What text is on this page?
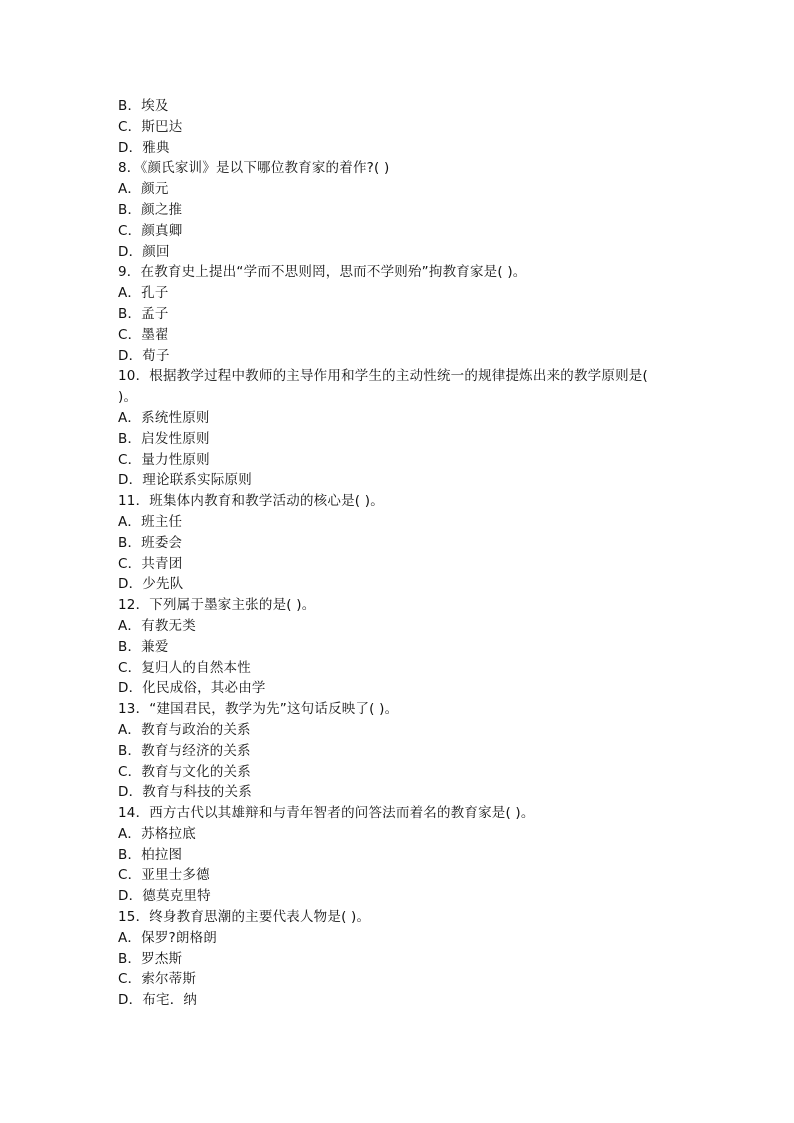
B．埃及
C．斯巴达
D．雅典
8．《颜氏家训》是以下哪位教育家的着作?( )
A．颜元
B．颜之推
C．颜真卿
D．颜回
9．在教育史上提出“学而不思则罔，思而不学则殆”拘教育家是( )。
A．孔子
B．孟子
C．墨翟
D．荀子
10．根据教学过程中教师的主导作用和学生的主动性统一的规律提炼出来的教学原则是(
)。
A．系统性原则
B．启发性原则
C．量力性原则
D．理论联系实际原则
11．班集体内教育和教学活动的核心是( )。
A．班主任
B．班委会
C．共青团
D．少先队
12．下列属于墨家主张的是( )。
A．有教无类
B．兼爱
C．复归人的自然本性
D．化民成俗，其必由学
13．“建国君民，教学为先”这句话反映了( )。
A．教育与政治的关系
B．教育与经济的关系
C．教育与文化的关系
D．教育与科技的关系
14．西方古代以其雄辩和与青年智者的问答法而着名的教育家是( )。
A．苏格拉底
B．柏拉图
C．亚里士多德
D．德莫克里特
15．终身教育思潮的主要代表人物是( )。
A．保罗?朗格朗
B．罗杰斯
C．索尔蒂斯
D．布宅．纳
